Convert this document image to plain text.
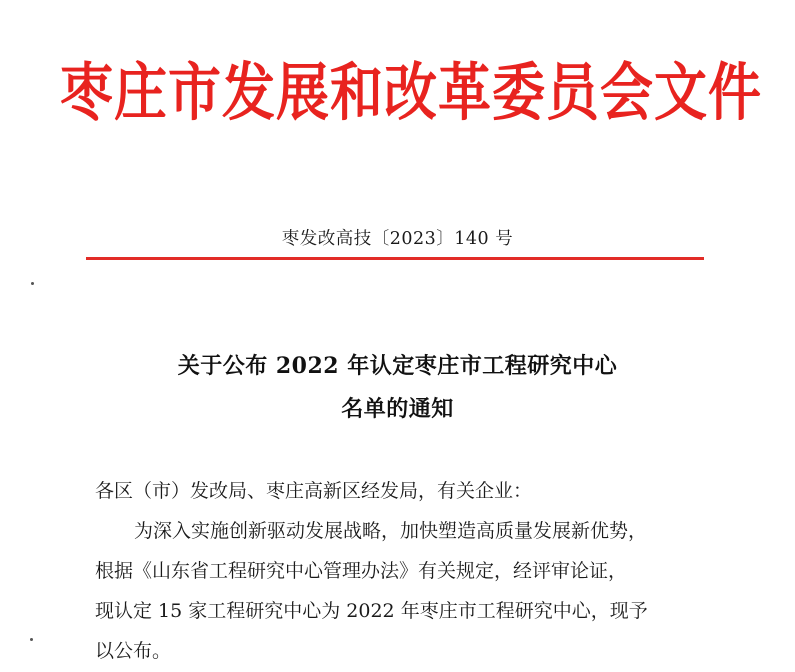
枣庄市发展和改革委员会文件
枣发改高技〔2023〕140 号
关于公布 2022 年认定枣庄市工程研究中心
名单的通知
各区（市）发改局、枣庄高新区经发局，有关企业：
为深入实施创新驱动发展战略，加快塑造高质量发展新优势，
根据《山东省工程研究中心管理办法》有关规定，经评审论证，
现认定 15 家工程研究中心为 2022 年枣庄市工程研究中心，现予
以公布。
